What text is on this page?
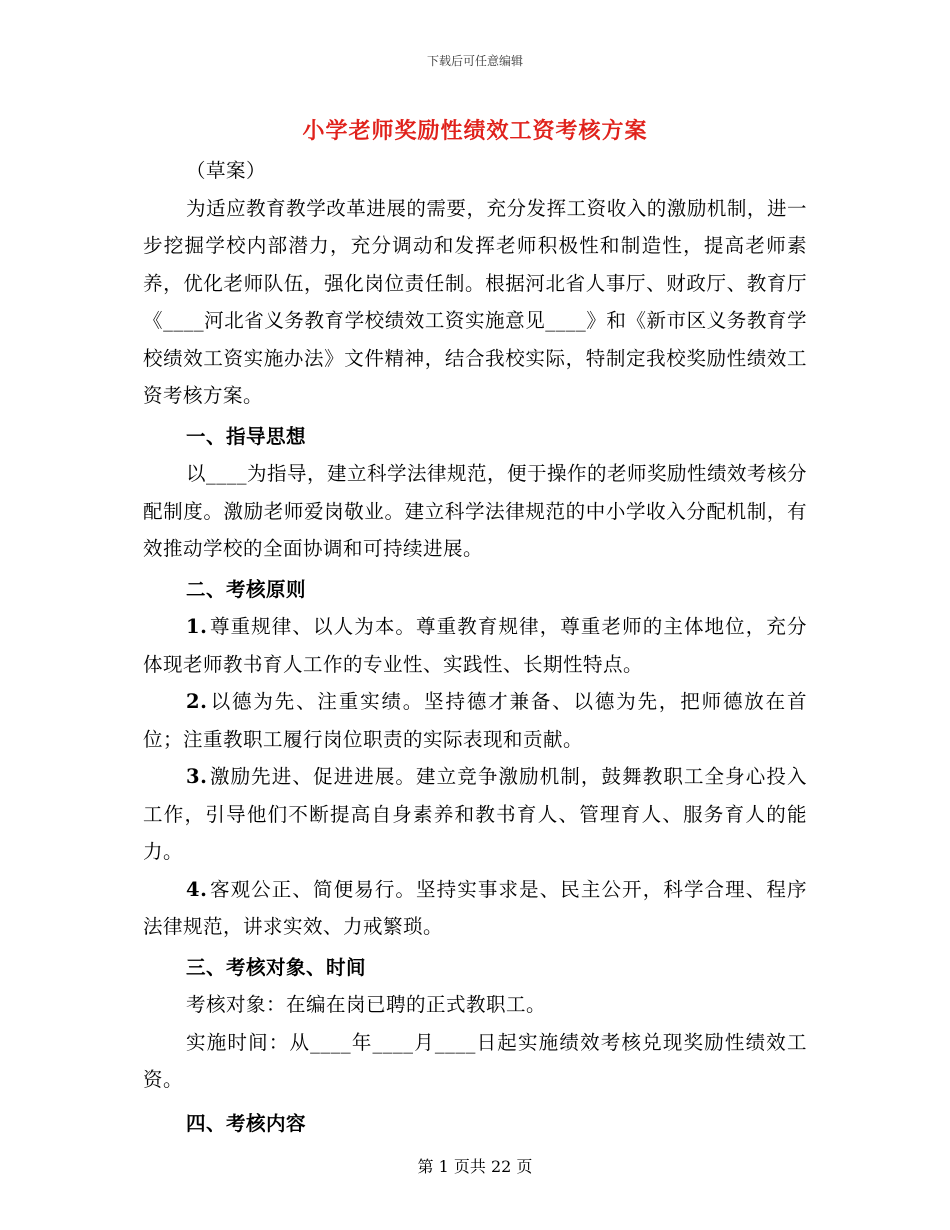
下载后可任意编辑
小学老师奖励性绩效工资考核方案

（草案）

为适应教育教学改革进展的需要，充分发挥工资收入的激励机制，进一步挖掘学校内部潜力，充分调动和发挥老师积极性和制造性，提高老师素养，优化老师队伍，强化岗位责任制。根据河北省人事厅、财政厅、教育厅《____河北省义务教育学校绩效工资实施意见____》和《新市区义务教育学校绩效工资实施办法》文件精神，结合我校实际，特制定我校奖励性绩效工资考核方案。

一、指导思想

以____为指导，建立科学法律规范，便于操作的老师奖励性绩效考核分配制度。激励老师爱岗敬业。建立科学法律规范的中小学收入分配机制，有效推动学校的全面协调和可持续进展。

二、考核原则

1. 尊重规律、以人为本。尊重教育规律，尊重老师的主体地位，充分体现老师教书育人工作的专业性、实践性、长期性特点。

2. 以德为先、注重实绩。坚持德才兼备、以德为先，把师德放在首位；注重教职工履行岗位职责的实际表现和贡献。

3. 激励先进、促进进展。建立竞争激励机制，鼓舞教职工全身心投入工作，引导他们不断提高自身素养和教书育人、管理育人、服务育人的能力。

4. 客观公正、简便易行。坚持实事求是、民主公开，科学合理、程序法律规范，讲求实效、力戒繁琐。

三、考核对象、时间

考核对象：在编在岗已聘的正式教职工。

实施时间：从____年____月____日起实施绩效考核兑现奖励性绩效工资。

四、考核内容

第 1 页共 22 页
